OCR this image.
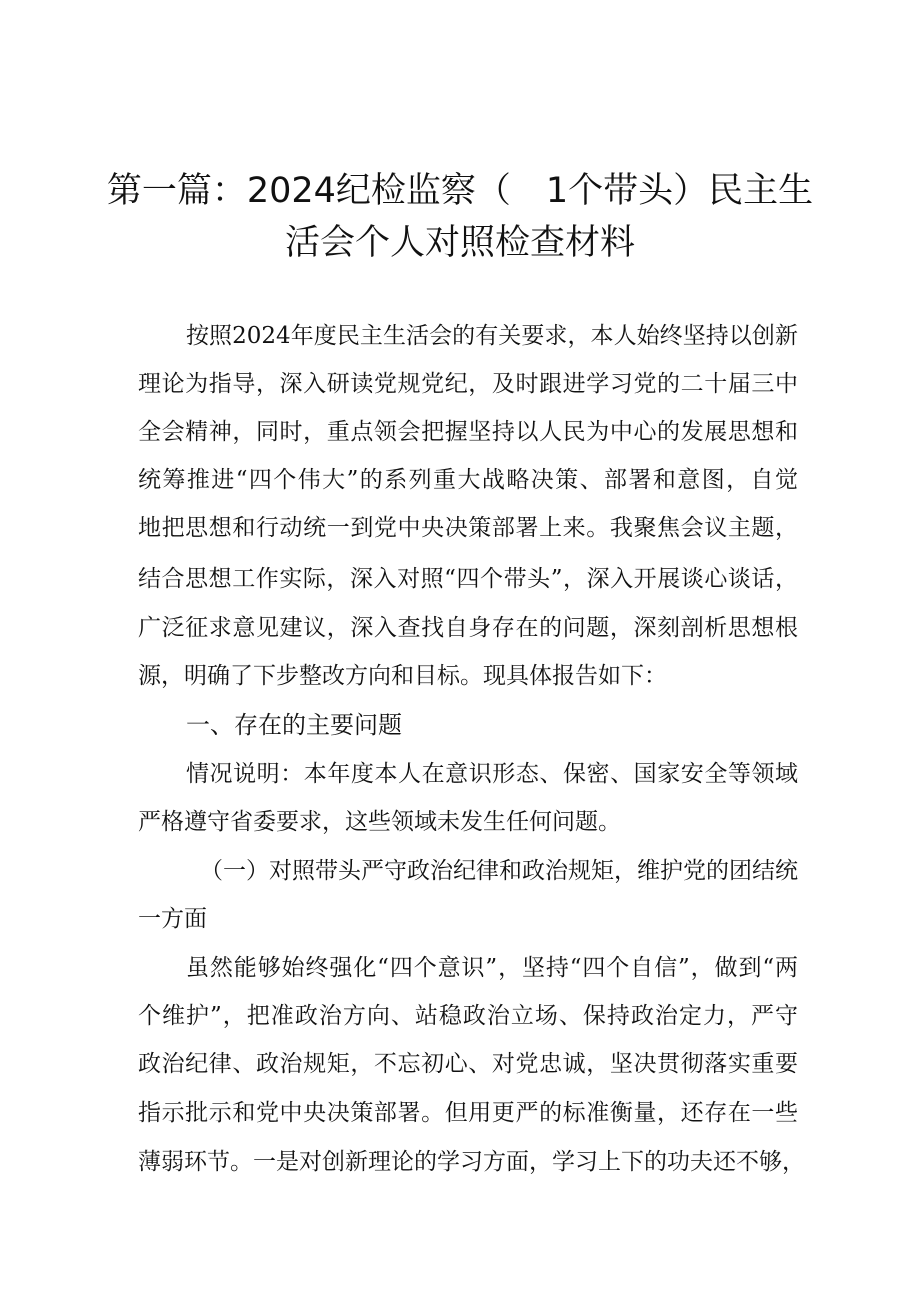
第一篇：2024纪检监察（　1个带头）民主生
活会个人对照检查材料
按照2024年度民主生活会的有关要求，本人始终坚持以创新
理论为指导，深入研读党规党纪，及时跟进学习党的二十届三中
全会精神，同时，重点领会把握坚持以人民为中心的发展思想和
统筹推进“四个伟大”的系列重大战略决策、部署和意图，自觉
地把思想和行动统一到党中央决策部署上来。我聚焦会议主题，
结合思想工作实际，深入对照“四个带头”，深入开展谈心谈话，
广泛征求意见建议，深入查找自身存在的问题，深刻剖析思想根
源，明确了下步整改方向和目标。现具体报告如下：
一、存在的主要问题
情况说明：本年度本人在意识形态、保密、国家安全等领域
严格遵守省委要求，这些领域未发生任何问题。
（一）对照带头严守政治纪律和政治规矩，维护党的团结统
一方面
虽然能够始终强化“四个意识”，坚持“四个自信”，做到“两
个维护”，把准政治方向、站稳政治立场、保持政治定力，严守
政治纪律、政治规矩，不忘初心、对党忠诚，坚决贯彻落实重要
指示批示和党中央决策部署。但用更严的标准衡量，还存在一些
薄弱环节。一是对创新理论的学习方面，学习上下的功夫还不够，
